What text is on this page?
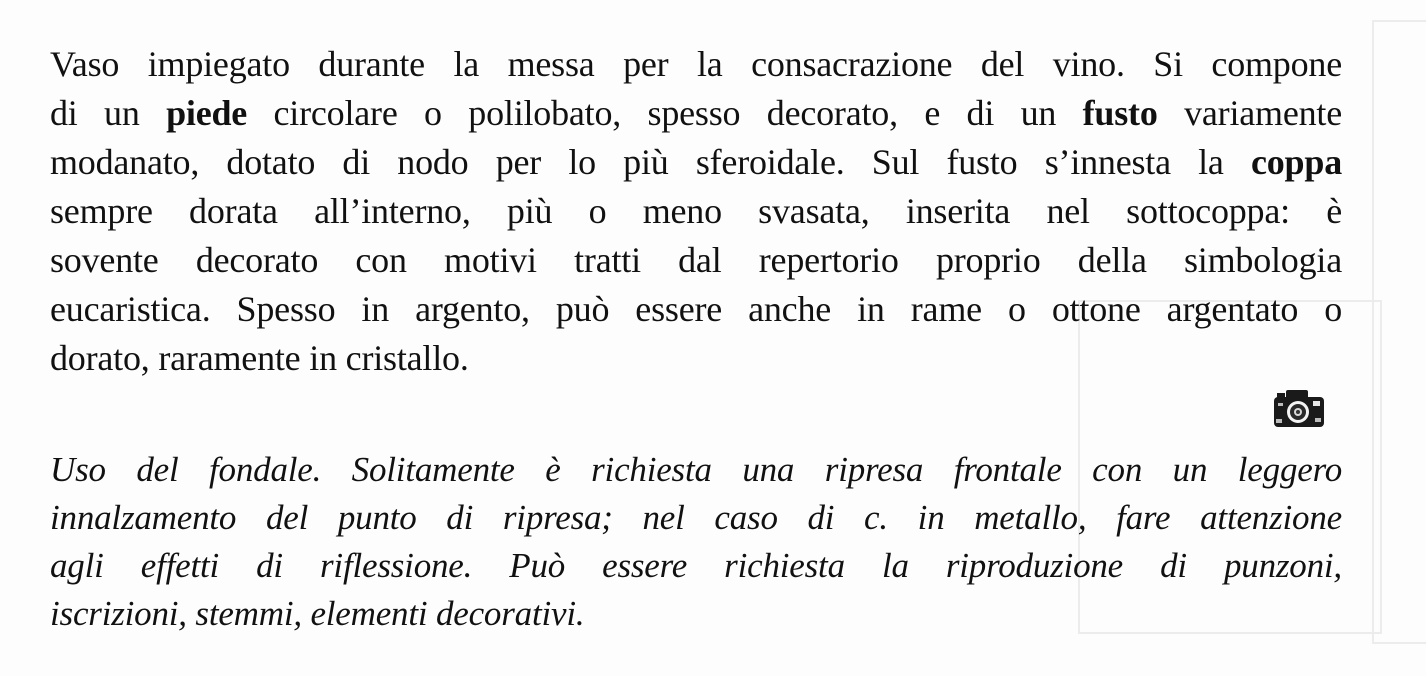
Vaso impiegato durante la messa per la consacrazione del vino. Si compone
di un piede circolare o polilobato, spesso decorato, e di un fusto variamente
modanato, dotato di nodo per lo più sferoidale. Sul fusto s’innesta la coppa
sempre dorata all’interno, più o meno svasata, inserita nel sottocoppa: è
sovente decorato con motivi tratti dal repertorio proprio della simbologia
eucaristica. Spesso in argento, può essere anche in rame o ottone argentato o
dorato, raramente in cristallo.
Uso del fondale. Solitamente è richiesta una ripresa frontale con un leggero
innalzamento del punto di ripresa; nel caso di c. in metallo, fare attenzione
agli effetti di riflessione. Può essere richiesta la riproduzione di punzoni,
iscrizioni, stemmi, elementi decorativi.
